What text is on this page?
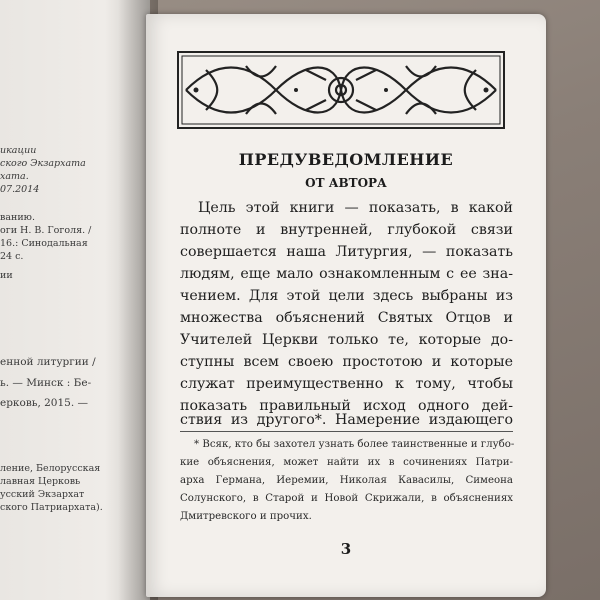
икации
ского Экзархата
хата.
07.2014
ванию.
оги Н. В. Гоголя. /
16.: Синодальная
24 с.
ии
енной литургии /
ь. — Минск : Бе-
ерковь, 2015. —
ление, Белорусская
лавная Церковь
усский Экзархат
ского Патриархата).
ПРЕДУВЕДОМЛЕНИЕ
ОТ АВТОРА
Цель этой книги — показать, в какой
полноте и внутренней, глубокой связи
совершается наша Литургия, — показать
людям, еще мало ознакомленным с ее зна-
чением. Для этой цели здесь выбраны из
множества объяснений Святых Отцов и
Учителей Церкви только те, которые до-
ступны всем своею простотою и которые
служат преимущественно к тому, чтобы
показать правильный исход одного дей-
ствия из другого*. Намерение издающего
* Всяк, кто бы захотел узнать более таинственные и глубо-
кие объяснения, может найти их в сочинениях Патри-
арха Германа, Иеремии, Николая Кавасилы, Симеона
Солунского, в Старой и Новой Скрижали, в объяснениях
Дмитревского и прочих.
3
